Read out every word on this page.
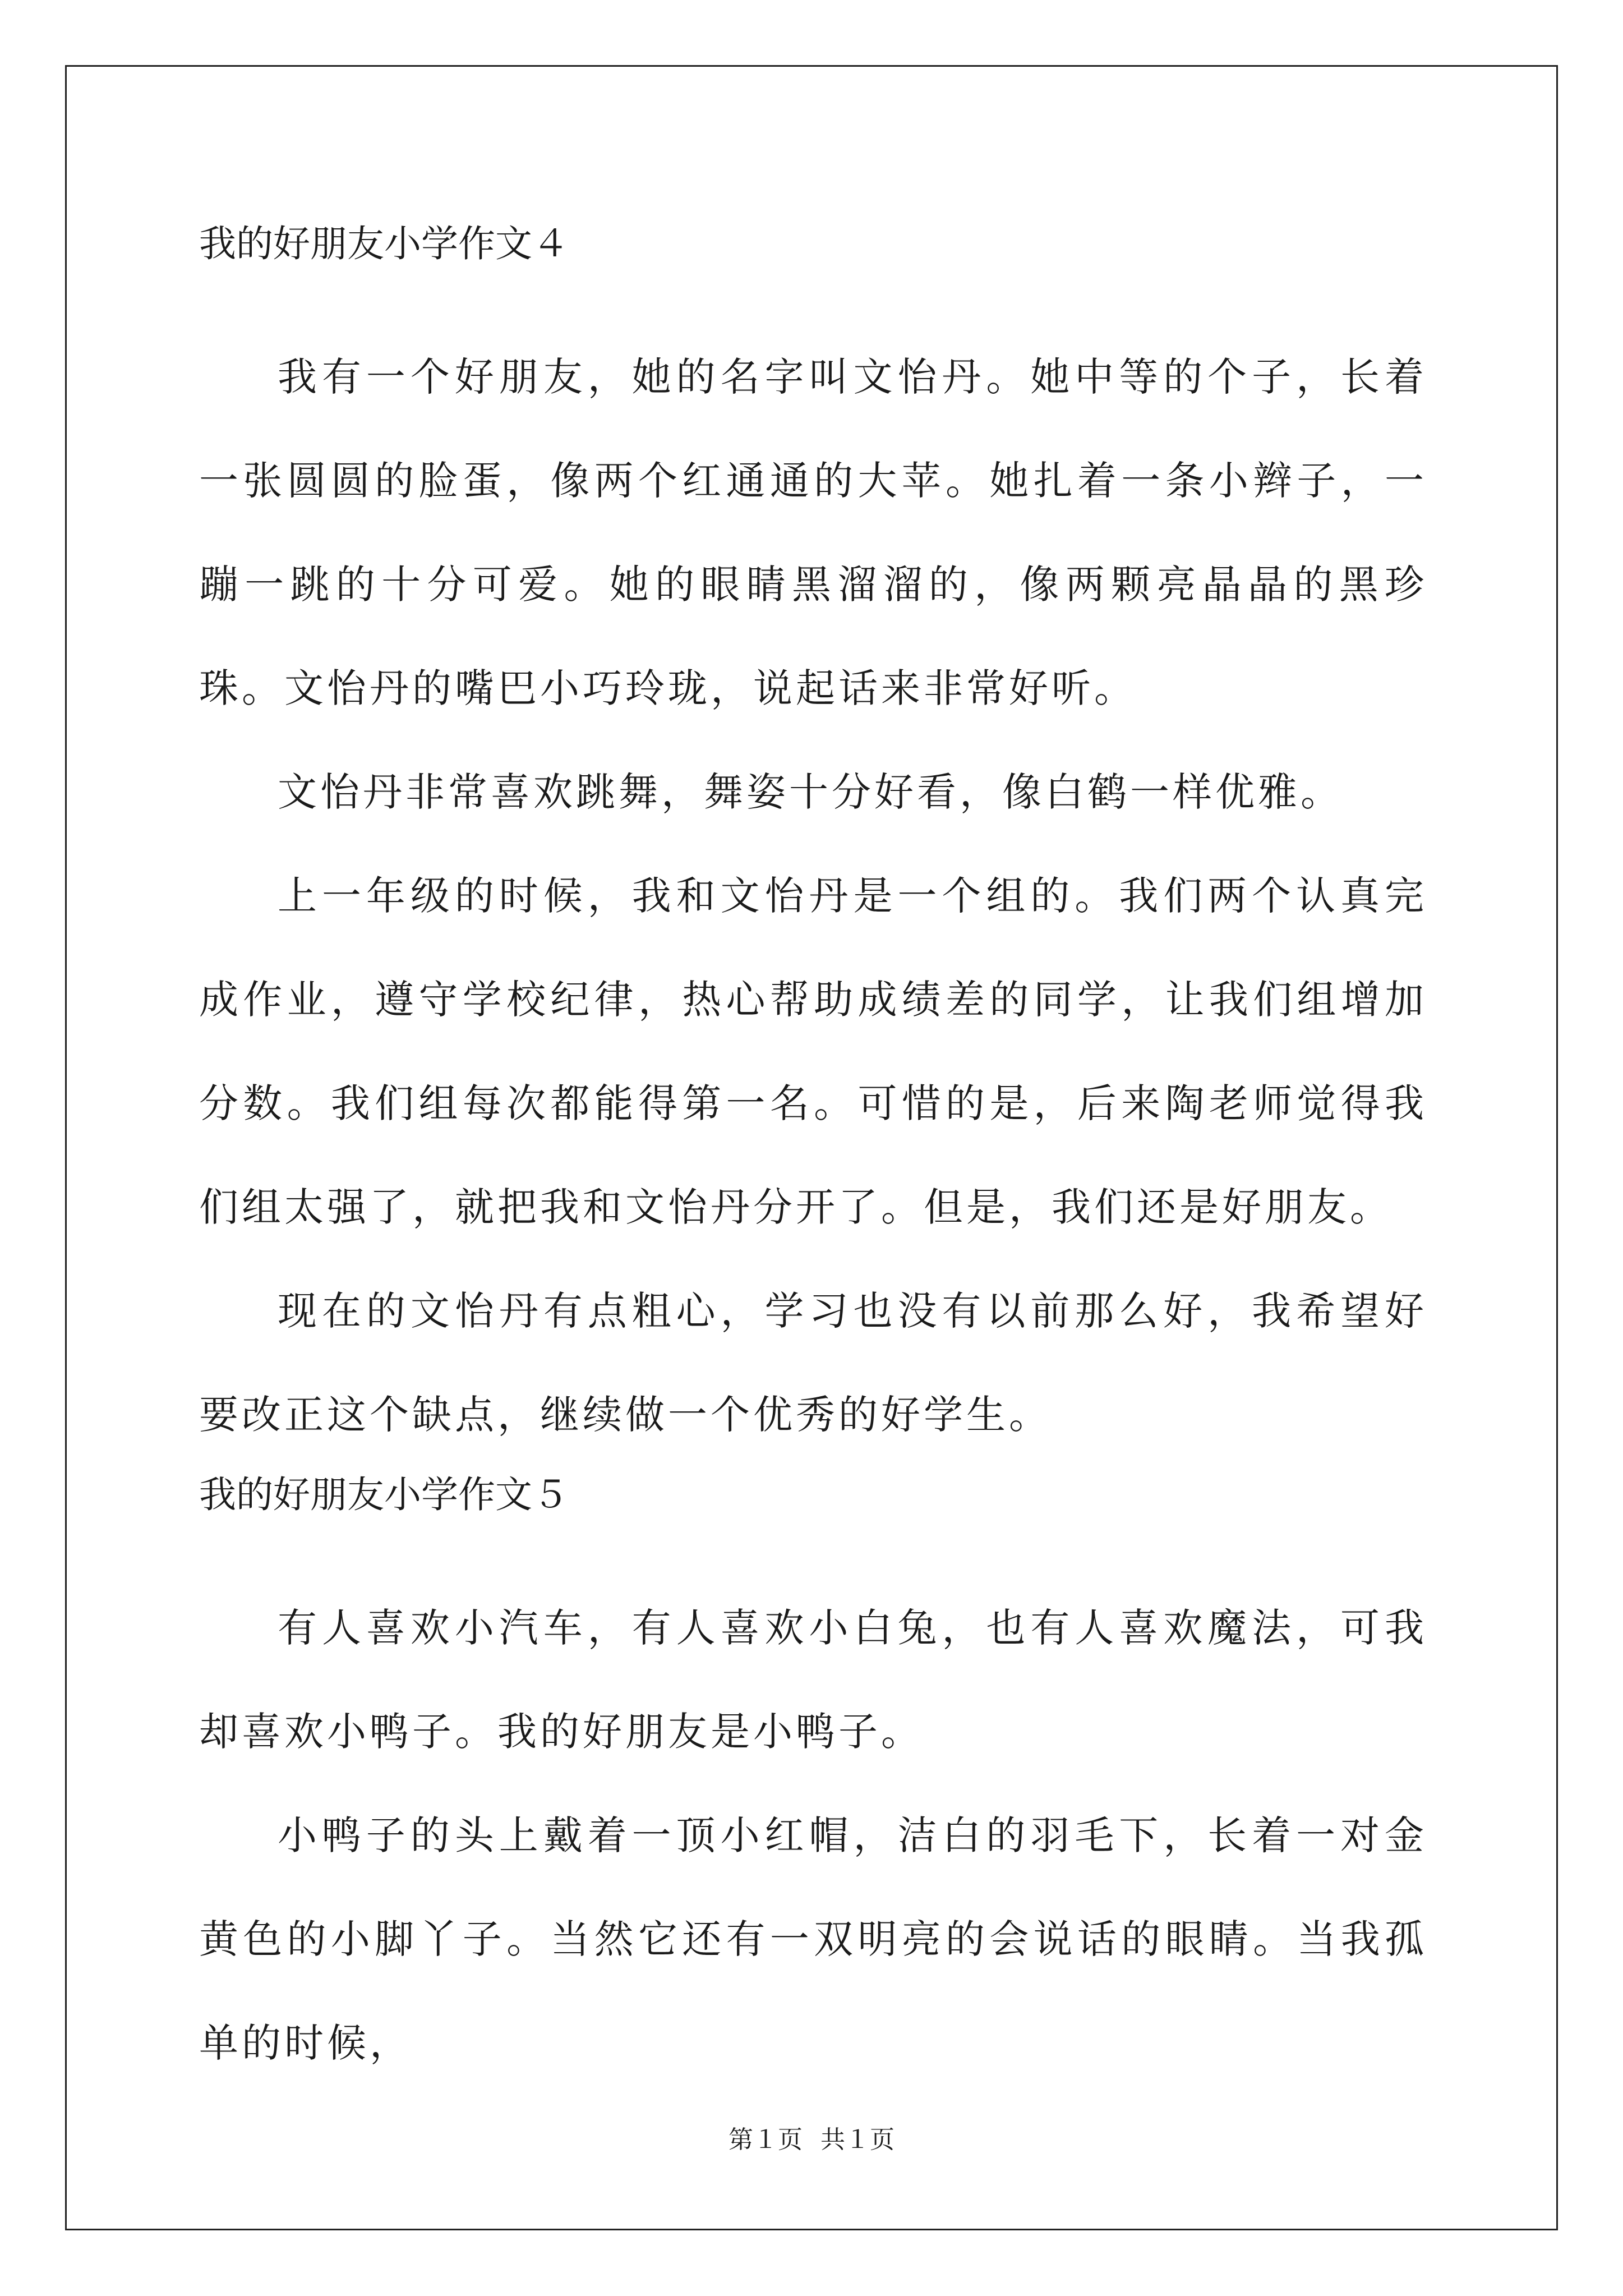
我的好朋友小学作文４

我有一个好朋友，她的名字叫文怡丹。她中等的个子，长着一张圆圆的脸蛋，像两个红通通的大苹。她扎着一条小辫子，一蹦一跳的十分可爱。她的眼睛黑溜溜的，像两颗亮晶晶的黑珍珠。文怡丹的嘴巴小巧玲珑，说起话来非常好听。

文怡丹非常喜欢跳舞，舞姿十分好看，像白鹤一样优雅。

上一年级的时候，我和文怡丹是一个组的。我们两个认真完成作业，遵守学校纪律，热心帮助成绩差的同学，让我们组增加分数。我们组每次都能得第一名。可惜的是，后来陶老师觉得我们组太强了，就把我和文怡丹分开了。但是，我们还是好朋友。

现在的文怡丹有点粗心，学习也没有以前那么好，我希望好要改正这个缺点，继续做一个优秀的好学生。

我的好朋友小学作文５

有人喜欢小汽车，有人喜欢小白兔，也有人喜欢魔法，可我却喜欢小鸭子。我的好朋友是小鸭子。

小鸭子的头上戴着一顶小红帽，洁白的羽毛下，长着一对金黄色的小脚丫子。当然它还有一双明亮的会说话的眼睛。当我孤单的时候，

第１页 共１页
